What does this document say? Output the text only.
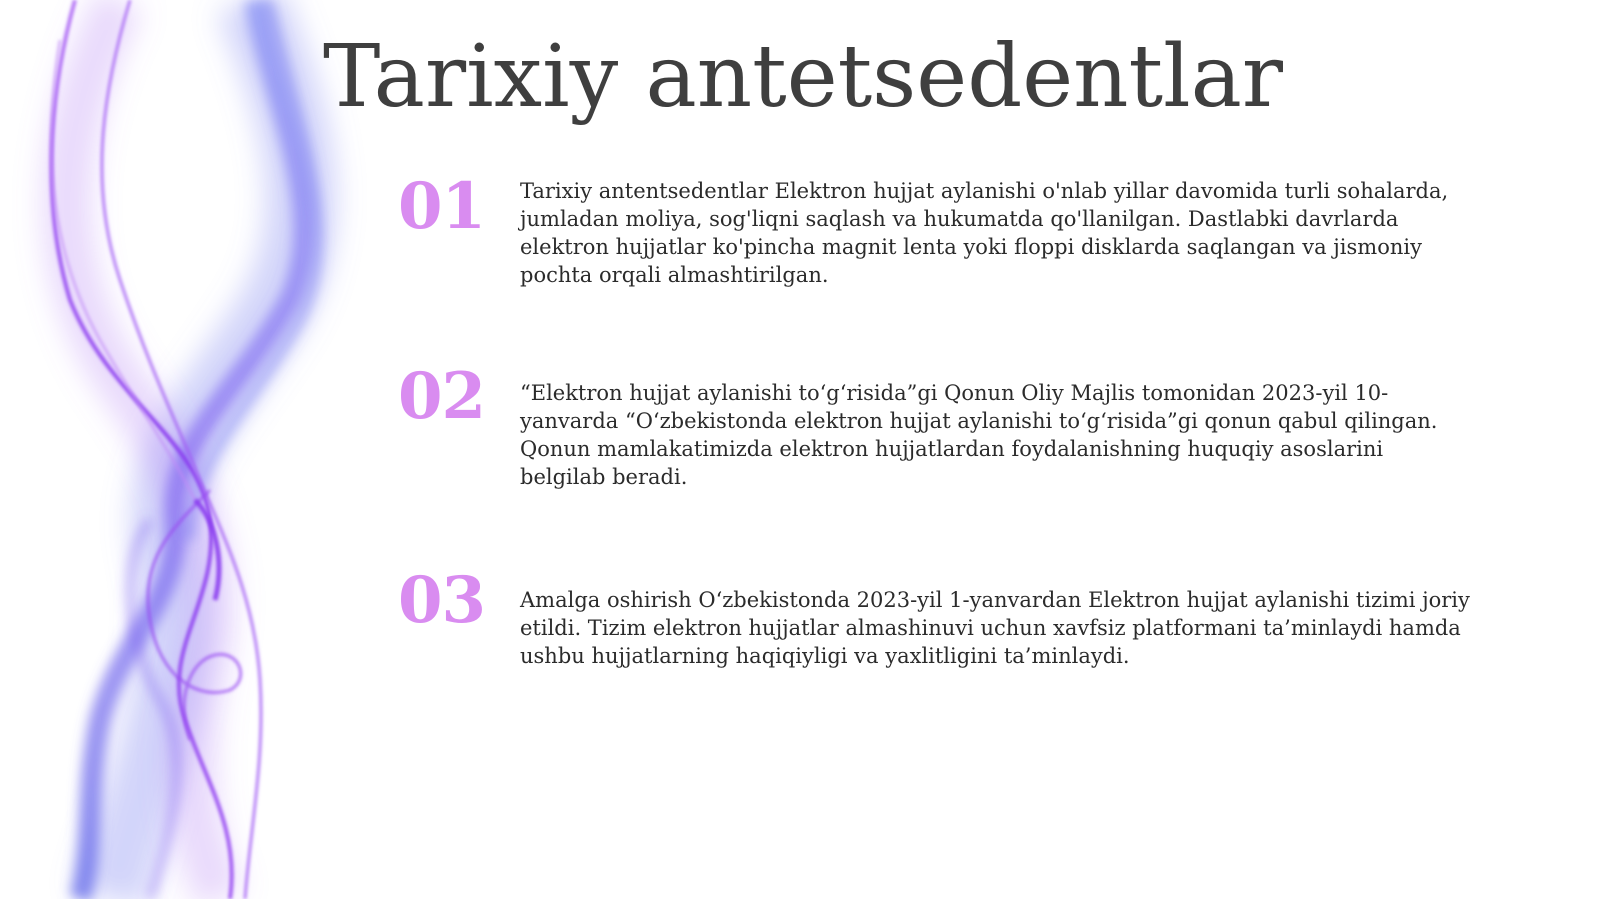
Tarixiy antetsedentlar
01 Tarixiy antentsedentlar Elektron hujjat aylanishi o'nlab yillar davomida turli sohalarda, jumladan moliya, sog'liqni saqlash va hukumatda qo'llanilgan. Dastlabki davrlarda elektron hujjatlar ko'pincha magnit lenta yoki floppi disklarda saqlangan va jismoniy pochta orqali almashtirilgan.
02 “Elektron hujjat aylanishi to‘g‘risida”gi Qonun Oliy Majlis tomonidan 2023-yil 10-yanvarda “O‘zbekistonda elektron hujjat aylanishi to‘g‘risida”gi qonun qabul qilingan. Qonun mamlakatimizda elektron hujjatlardan foydalanishning huquqiy asoslarini belgilab beradi.
03 Amalga oshirish O‘zbekistonda 2023-yil 1-yanvardan Elektron hujjat aylanishi tizimi joriy etildi. Tizim elektron hujjatlar almashinuvi uchun xavfsiz platformani ta’minlaydi hamda ushbu hujjatlarning haqiqiyligi va yaxlitligini ta’minlaydi.
